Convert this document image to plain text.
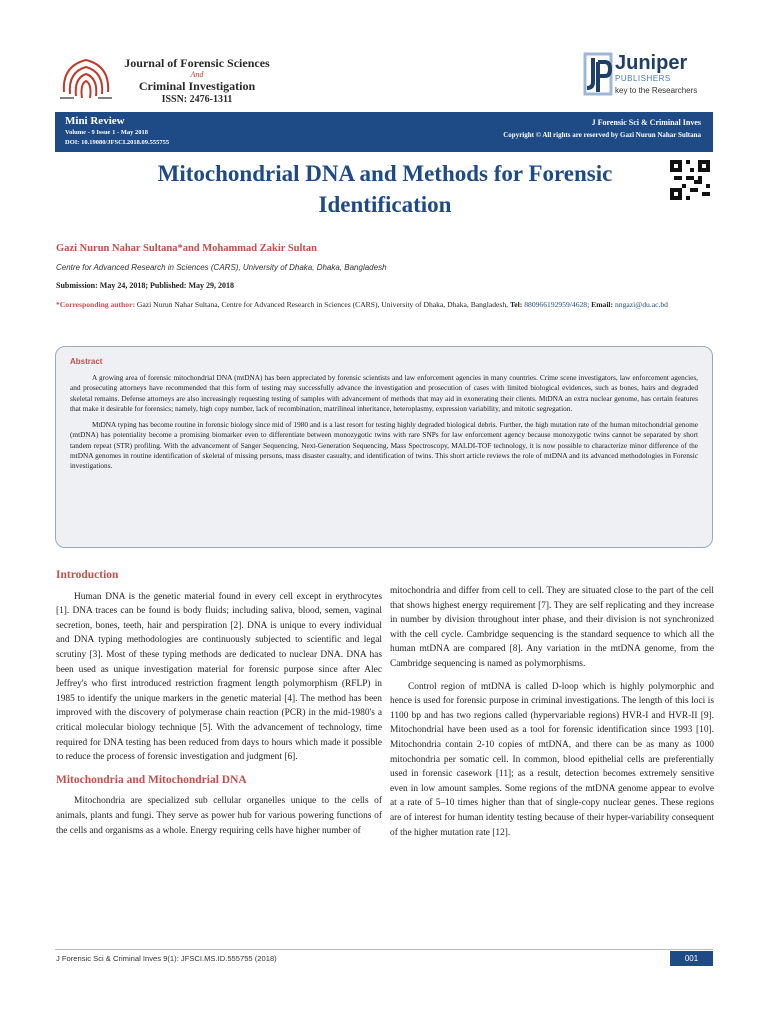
Journal of Forensic Sciences
And
Criminal Investigation
ISSN: 2476-1311
Juniper
PUBLISHERS
key to the Researchers
Mini Review
Volume - 9 Issue 1 - May 2018
DOI: 10.19080/JFSCI.2018.09.555755
J Forensic Sci & Criminal Inves
Copyright © All rights are reserved by Gazi Nurun Nahar Sultana
Mitochondrial DNA and Methods for Forensic Identification
Gazi Nurun Nahar Sultana*and Mohammad Zakir Sultan
Centre for Advanced Research in Sciences (CARS), University of Dhaka, Dhaka, Bangladesh
Submission: May 24, 2018; Published: May 29, 2018
*Corresponding author: Gazi Nurun Nahar Sultana, Centre for Advanced Research in Sciences (CARS), University of Dhaka, Dhaka, Bangladesh, Tel: 880966192959/4628; Email: nngazi@du.ac.bd
Abstract

A growing area of forensic mitochondrial DNA (mtDNA) has been appreciated by forensic scientists and law enforcement agencies in many countries. Crime scene investigators, law enforcement agencies, and prosecuting attorneys have recommended that this form of testing may successfully advance the investigation and prosecution of cases with limited biological evidences, such as bones, hairs and degraded skeletal remains. Defense attorneys are also increasingly requesting testing of samples with advancement of methods that may aid in exonerating their clients. MtDNA an extra nuclear genome, has certain features that make it desirable for forensics; namely, high copy number, lack of recombination, matrilineal inheritance, heteroplasmy, expression variability, and mitotic segregation.

MtDNA typing has become routine in forensic biology since mid of 1980 and is a last resort for testing highly degraded biological debris. Further, the high mutation rate of the human mitochondrial genome (mtDNA) has potentiality become a promising biomarker even to differentiate between monozygotic twins with rare SNPs for law enforcement agency because monozygotic twins cannot be separated by short tandem repeat (STR) profiling. With the advancement of Sanger Sequencing, Next-Generation Sequencing, Mass Spectroscopy, MALDI-TOF technology, it is now possible to characterize minor difference of the mtDNA genomes in routine identification of skeletal of missing persons, mass disaster casualty, and identification of twins. This short article reviews the role of mtDNA and its advanced methodologies in Forensic investigations.

Introduction

Human DNA is the genetic material found in every cell except in erythrocytes [1]. DNA traces can be found is body fluids; including saliva, blood, semen, vaginal secretion, bones, teeth, hair and perspiration [2]. DNA is unique to every individual and DNA typing methodologies are continuously subjected to scientific and legal scrutiny [3]. Most of these typing methods are dedicated to nuclear DNA. DNA has been used as unique investigation material for forensic purpose since after Alec Jeffrey's who first introduced restriction fragment length polymorphism (RFLP) in 1985 to identify the unique markers in the genetic material [4]. The method has been improved with the discovery of polymerase chain reaction (PCR) in the mid-1980's a critical molecular biology technique [5]. With the advancement of technology, time required for DNA testing has been reduced from days to hours which made it possible to reduce the process of forensic investigation and judgment [6].

Mitochondria and Mitochondrial DNA

Mitochondria are specialized sub cellular organelles unique to the cells of animals, plants and fungi. They serve as power hub for various powering functions of the cells and organisms as a whole. Energy requiring cells have higher number of

mitochondria and differ from cell to cell. They are situated close to the part of the cell that shows highest energy requirement [7]. They are self replicating and they increase in number by division throughout inter phase, and their division is not synchronized with the cell cycle. Cambridge sequencing is the standard sequence to which all the human mtDNA are compared [8]. Any variation in the mtDNA genome, from the Cambridge sequencing is named as polymorphisms.

Control region of mtDNA is called D-loop which is highly polymorphic and hence is used for forensic purpose in criminal investigations. The length of this loci is 1100 bp and has two regions called (hypervariable regions) HVR-I and HVR-II [9]. Mitochondrial have been used as a tool for forensic identification since 1993 [10]. Mitochondria contain 2-10 copies of mtDNA, and there can be as many as 1000 mitochondria per somatic cell. In common, blood epithelial cells are preferentially used in forensic casework [11]; as a result, detection becomes extremely sensitive even in low amount samples. Some regions of the mtDNA genome appear to evolve at a rate of 5–10 times higher than that of single-copy nuclear genes. These regions are of interest for human identity testing because of their hyper-variability consequent of the higher mutation rate [12].

J Forensic Sci & Criminal Inves 9(1): JFSCI.MS.ID.555755 (2018)	001
